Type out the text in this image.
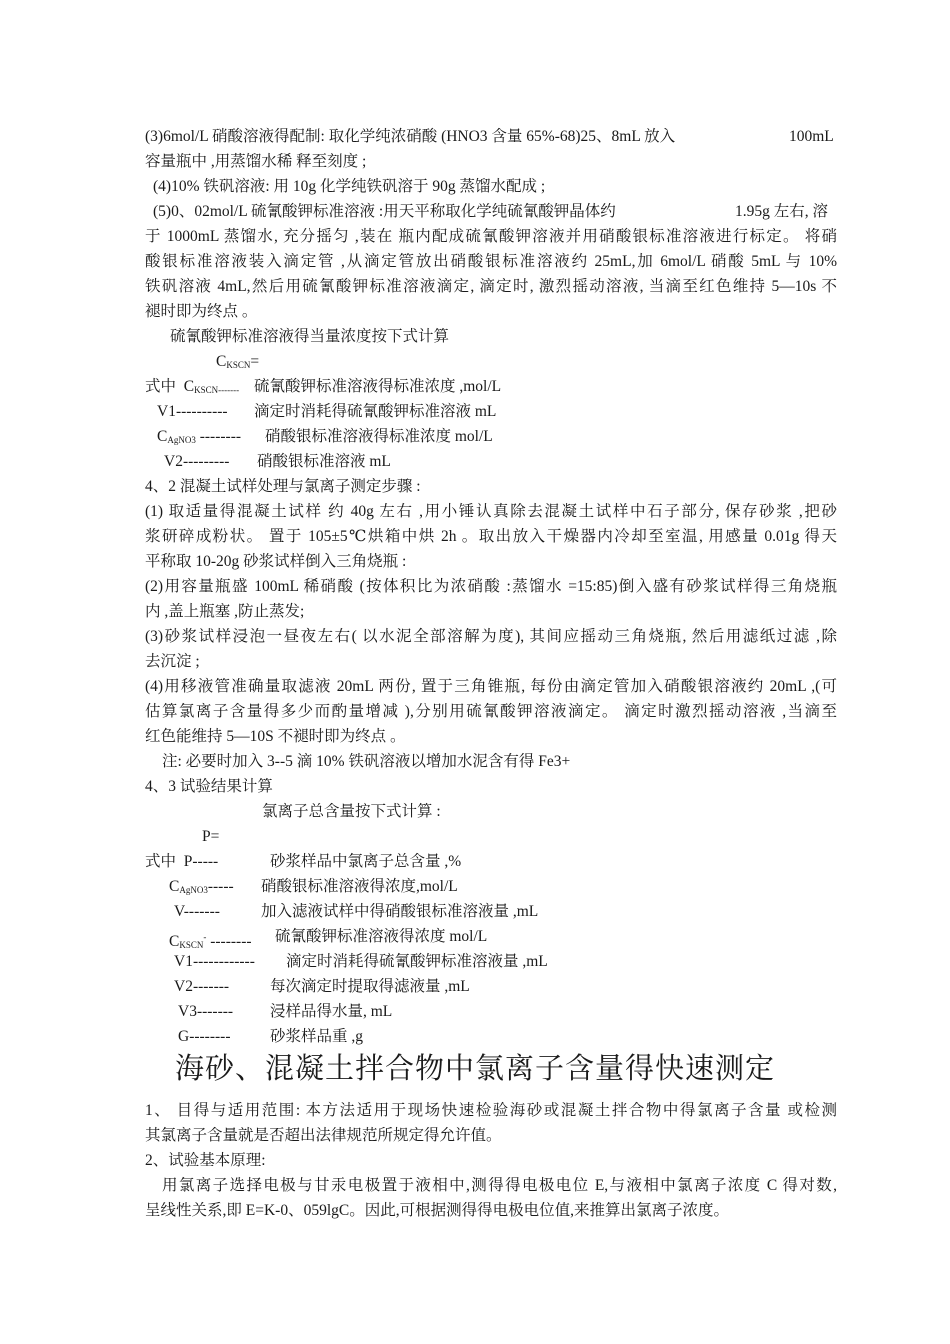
(3)6mol/L 硝酸溶液得配制: 取化学纯浓硝酸 (HNO3 含量 65%-68)25、8mL 放入	100mL
容量瓶中 ,用蒸馏水稀 释至刻度 ;
(4)10% 铁矾溶液: 用 10g 化学纯铁矾溶于 90g 蒸馏水配成 ;
(5)0、02mol/L 硫氰酸钾标准溶液 :用天平称取化学纯硫氰酸钾晶体约	1.95g 左右, 溶
于 1000mL 蒸馏水, 充分摇匀 ,装在 瓶内配成硫氰酸钾溶液并用硝酸银标准溶液进行标定。 将硝
酸银标准溶液装入滴定管 ,从滴定管放出硝酸银标准溶液约 25mL,加 6mol/L 硝酸 5mL 与 10%
铁矾溶液 4mL,然后用硫氰酸钾标准溶液滴定, 滴定时, 激烈摇动溶液, 当滴至红色维持 5—10s 不
褪时即为终点 。
硫氰酸钾标准溶液得当量浓度按下式计算
$C_{KSCN}=$
式中  $C_{KSCN-------}$ 硫氰酸钾标准溶液得标准浓度 ,mol/L
V1---------- 滴定时消耗得硫氰酸钾标准溶液 mL
$C_{AgNO3}$ -------- 硝酸银标准溶液得标准浓度 mol/L
V2--------- 硝酸银标准溶液 mL
4、2 混凝土试样处理与氯离子测定步骤 :
(1) 取适量得混凝土试样 约 40g 左右 ,用小锤认真除去混凝土试样中石子部分, 保存砂浆 ,把砂
浆研碎成粉状。 置于 105±5℃烘箱中烘 2h 。取出放入干燥器内冷却至室温, 用感量 0.01g 得天
平称取 10-20g 砂浆试样倒入三角烧瓶 :
(2)用容量瓶盛 100mL 稀硝酸 (按体积比为浓硝酸 :蒸馏水 =15:85)倒入盛有砂浆试样得三角烧瓶
内 ,盖上瓶塞 ,防止蒸发;
(3)砂浆试样浸泡一昼夜左右( 以水泥全部溶解为度), 其间应摇动三角烧瓶, 然后用滤纸过滤 ,除
去沉淀 ;
(4)用移液管准确量取滤液 20mL 两份, 置于三角锥瓶, 每份由滴定管加入硝酸银溶液约 20mL ,(可
估算氯离子含量得多少而酌量增减 ),分别用硫氰酸钾溶液滴定。 滴定时激烈摇动溶液 ,当滴至
红色能维持 5—10S 不褪时即为终点 。
注: 必要时加入 3--5 滴 10% 铁矾溶液以增加水泥含有得 Fe3+
4、3 试验结果计算
氯离子总含量按下式计算 :
P=
式中  P-----	砂浆样品中氯离子总含量 ,%
$C_{AgNO3}-----$ 硝酸银标准溶液得浓度,mol/L
V-------	加入滤液试样中得硝酸银标准溶液量 ,mL
$C_{KSCN}^-$ -------- 硫氰酸钾标准溶液得浓度 mol/L
V1------------ 滴定时消耗得硫氰酸钾标准溶液量 ,mL
V2-------	每次滴定时提取得滤液量 ,mL
V3------- 浸样品得水量, mL
G--------	砂浆样品重 ,g
海砂、混凝土拌合物中氯离子含量得快速测定
1、 目得与适用范围: 本方法适用于现场快速检验海砂或混凝土拌合物中得氯离子含量 或检测
其氯离子含量就是否超出法律规范所规定得允许值。
2、试验基本原理:
用氯离子选择电极与甘汞电极置于液相中,测得得电极电位 E,与液相中氯离子浓度 C 得对数,
呈线性关系,即 E=K-0、059lgC。因此,可根据测得得电极电位值,来推算出氯离子浓度。
